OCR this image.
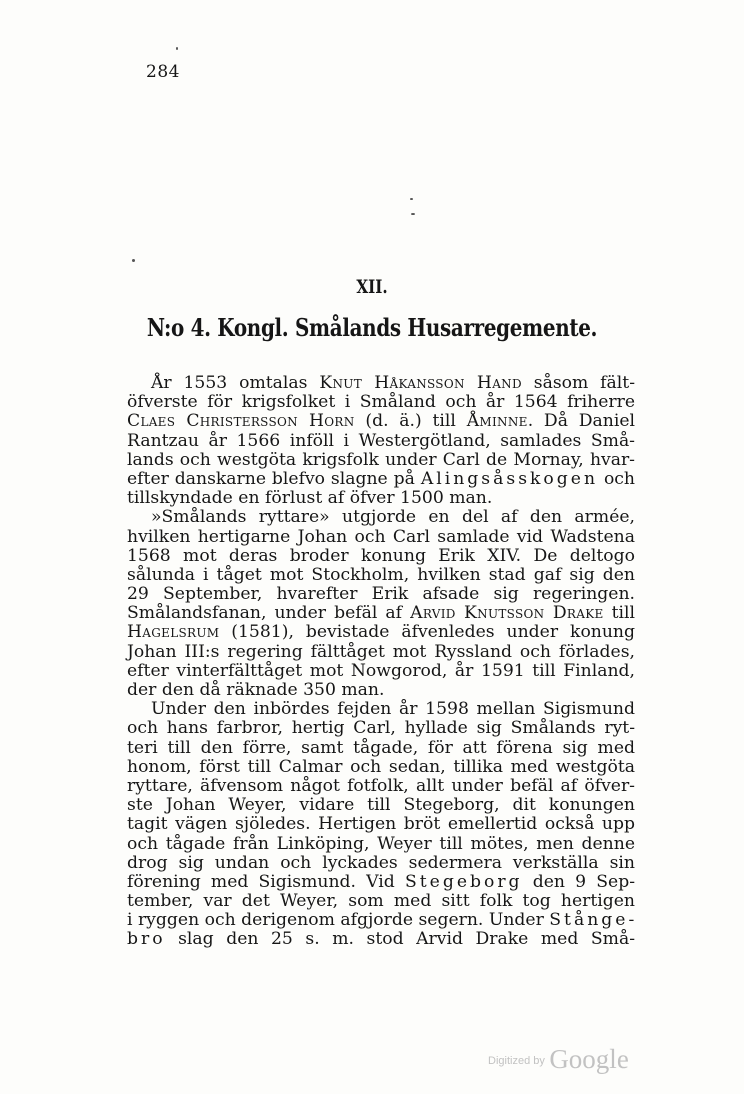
284
XII.
N:o 4. Kongl. Smålands Husarregemente.
År 1553 omtalas Knut Håkansson Hand såsom fält-
öfverste för krigsfolket i Småland och år 1564 friherre
Claes Christersson Horn (d. ä.) till Åminne. Då Daniel
Rantzau år 1566 inföll i Westergötland, samlades Små-
lands och westgöta krigsfolk under Carl de Mornay, hvar-
efter danskarne blefvo slagne på Alingsåsskogen och
tillskyndade en förlust af öfver 1500 man.
»Smålands ryttare» utgjorde en del af den armée,
hvilken hertigarne Johan och Carl samlade vid Wadstena
1568 mot deras broder konung Erik XIV. De deltogo
sålunda i tåget mot Stockholm, hvilken stad gaf sig den
29 September, hvarefter Erik afsade sig regeringen.
Smålandsfanan, under befäl af Arvid Knutsson Drake till
Hagelsrum (1581), bevistade äfvenledes under konung
Johan III:s regering fälttåget mot Ryssland och förlades,
efter vinterfälttåget mot Nowgorod, år 1591 till Finland,
der den då räknade 350 man.
Under den inbördes fejden år 1598 mellan Sigismund
och hans farbror, hertig Carl, hyllade sig Smålands ryt-
teri till den förre, samt tågade, för att förena sig med
honom, först till Calmar och sedan, tillika med westgöta
ryttare, äfvensom något fotfolk, allt under befäl af öfver-
ste Johan Weyer, vidare till Stegeborg, dit konungen
tagit vägen sjöledes. Hertigen bröt emellertid också upp
och tågade från Linköping, Weyer till mötes, men denne
drog sig undan och lyckades sedermera verkställa sin
förening med Sigismund. Vid Stegeborg den 9 Sep-
tember, var det Weyer, som med sitt folk tog hertigen
i ryggen och derigenom afgjorde segern. Under Stånge-
bro slag den 25 s. m. stod Arvid Drake med Små-
$^{Digitized by}$ Google
